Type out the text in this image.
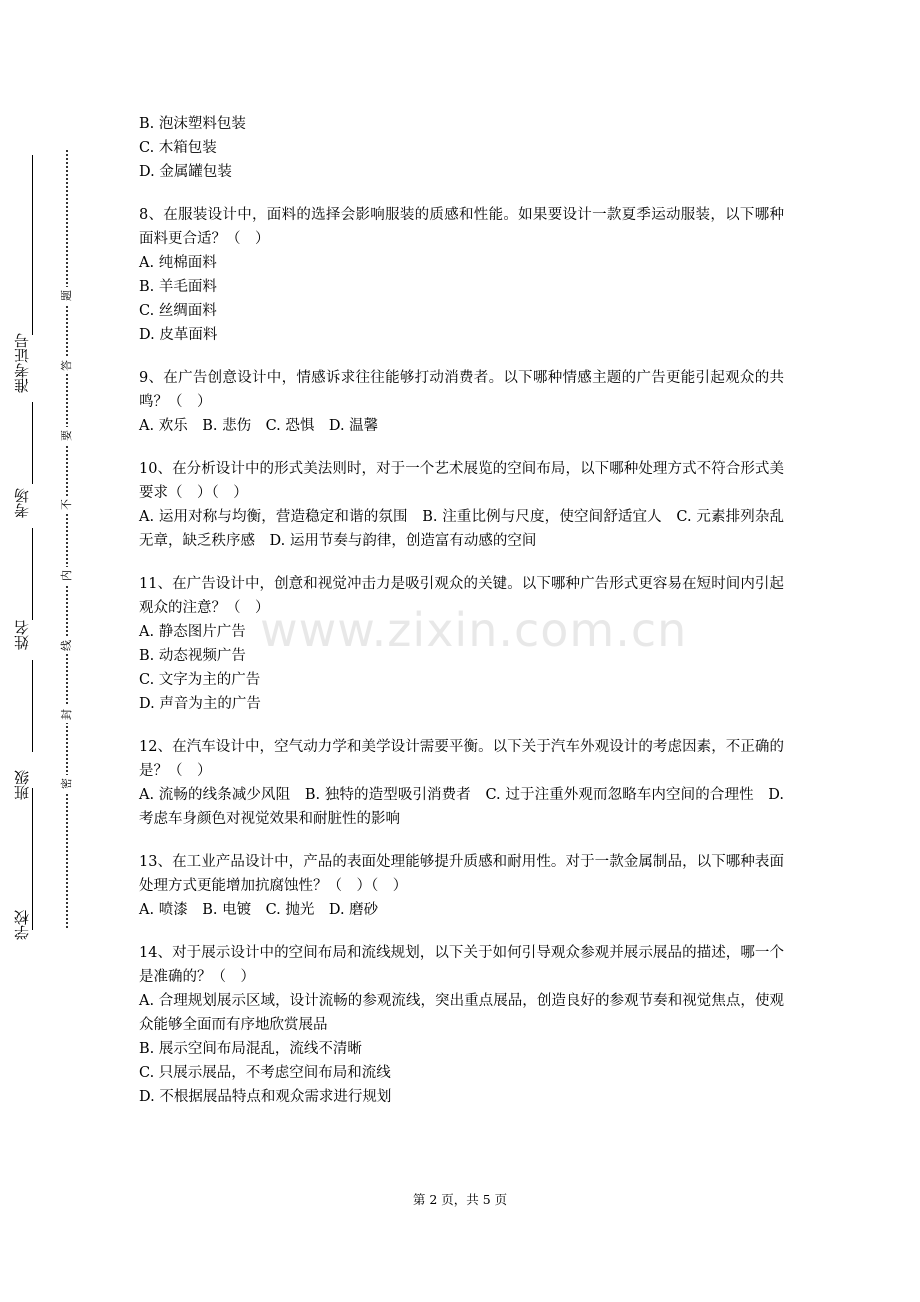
学校
班级
姓名
考场
准考证号
密
封
线
内
不
要
答
题
www.zixin.com.cn

B. 泡沫塑料包装

C. 木箱包装

D. 金属罐包装

8、在服装设计中，面料的选择会影响服装的质感和性能。如果要设计一款夏季运动服装，以下哪种面料更合适？（　）

A. 纯棉面料

B. 羊毛面料

C. 丝绸面料

D. 皮革面料

9、在广告创意设计中，情感诉求往往能够打动消费者。以下哪种情感主题的广告更能引起观众的共鸣？（　）

A. 欢乐　B. 悲伤　C. 恐惧　D. 温馨

10、在分析设计中的形式美法则时，对于一个艺术展览的空间布局，以下哪种处理方式不符合形式美要求（　）（　）

A. 运用对称与均衡，营造稳定和谐的氛围　B. 注重比例与尺度，使空间舒适宜人　C. 元素排列杂乱无章，缺乏秩序感　D. 运用节奏与韵律，创造富有动感的空间

11、在广告设计中，创意和视觉冲击力是吸引观众的关键。以下哪种广告形式更容易在短时间内引起观众的注意？（　）

A. 静态图片广告

B. 动态视频广告

C. 文字为主的广告

D. 声音为主的广告

12、在汽车设计中，空气动力学和美学设计需要平衡。以下关于汽车外观设计的考虑因素，不正确的是？（　）

A. 流畅的线条减少风阻　B. 独特的造型吸引消费者　C. 过于注重外观而忽略车内空间的合理性　D. 考虑车身颜色对视觉效果和耐脏性的影响

13、在工业产品设计中，产品的表面处理能够提升质感和耐用性。对于一款金属制品，以下哪种表面处理方式更能增加抗腐蚀性？（　）（　）

A. 喷漆　B. 电镀　C. 抛光　D. 磨砂

14、对于展示设计中的空间布局和流线规划，以下关于如何引导观众参观并展示展品的描述，哪一个是准确的？（　）

A. 合理规划展示区域，设计流畅的参观流线，突出重点展品，创造良好的参观节奏和视觉焦点，使观众能够全面而有序地欣赏展品

B. 展示空间布局混乱，流线不清晰

C. 只展示展品，不考虑空间布局和流线

D. 不根据展品特点和观众需求进行规划

第 2 页，共 5 页
